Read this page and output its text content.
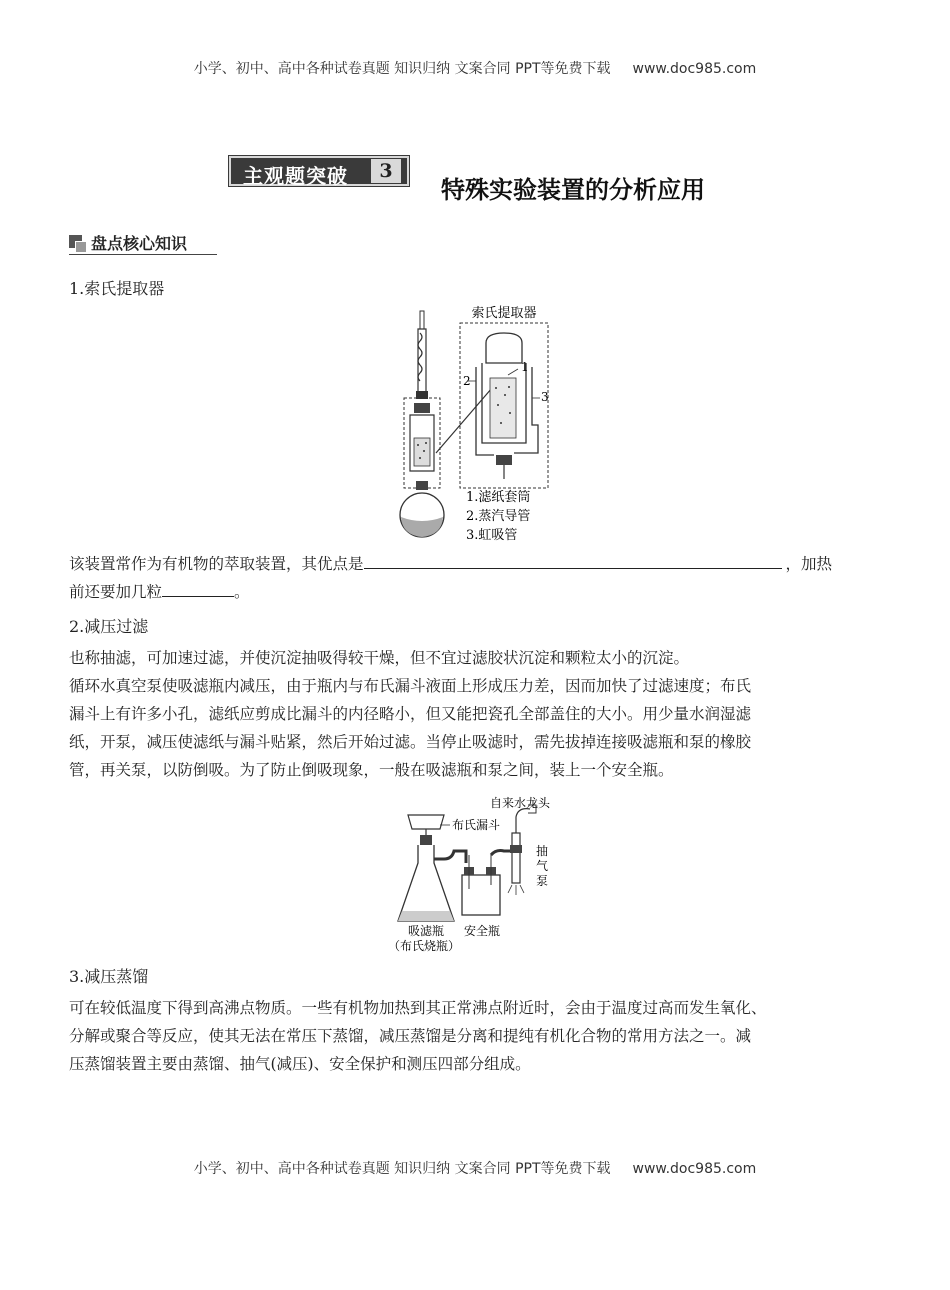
小学、初中、高中各种试卷真题 知识归纳 文案合同 PPT等免费下载 www.doc985.com
主观题突破	3
特殊实验装置的分析应用
盘点核心知识
1.索氏提取器
索氏提取器
1
2
3
1.滤纸套筒
2.蒸汽导管
3.虹吸管
该装置常作为有机物的萃取装置，其优点是	，加热
前还要加几粒	。
2.减压过滤
也称抽滤，可加速过滤，并使沉淀抽吸得较干燥，但不宜过滤胶状沉淀和颗粒太小的沉淀。
循环水真空泵使吸滤瓶内减压，由于瓶内与布氏漏斗液面上形成压力差，因而加快了过滤速度；布氏
漏斗上有许多小孔，滤纸应剪成比漏斗的内径略小，但又能把瓷孔全部盖住的大小。用少量水润湿滤
纸，开泵，减压使滤纸与漏斗贴紧，然后开始过滤。当停止吸滤时，需先拔掉连接吸滤瓶和泵的橡胶
管，再关泵，以防倒吸。为了防止倒吸现象，一般在吸滤瓶和泵之间，装上一个安全瓶。
自来水龙头
布氏漏斗
抽
气
泵
吸滤瓶
（布氏烧瓶）
安全瓶
3.减压蒸馏
可在较低温度下得到高沸点物质。一些有机物加热到其正常沸点附近时，会由于温度过高而发生氧化、
分解或聚合等反应，使其无法在常压下蒸馏，减压蒸馏是分离和提纯有机化合物的常用方法之一。减
压蒸馏装置主要由蒸馏、抽气(减压)、安全保护和测压四部分组成。
小学、初中、高中各种试卷真题 知识归纳 文案合同 PPT等免费下载 www.doc985.com
